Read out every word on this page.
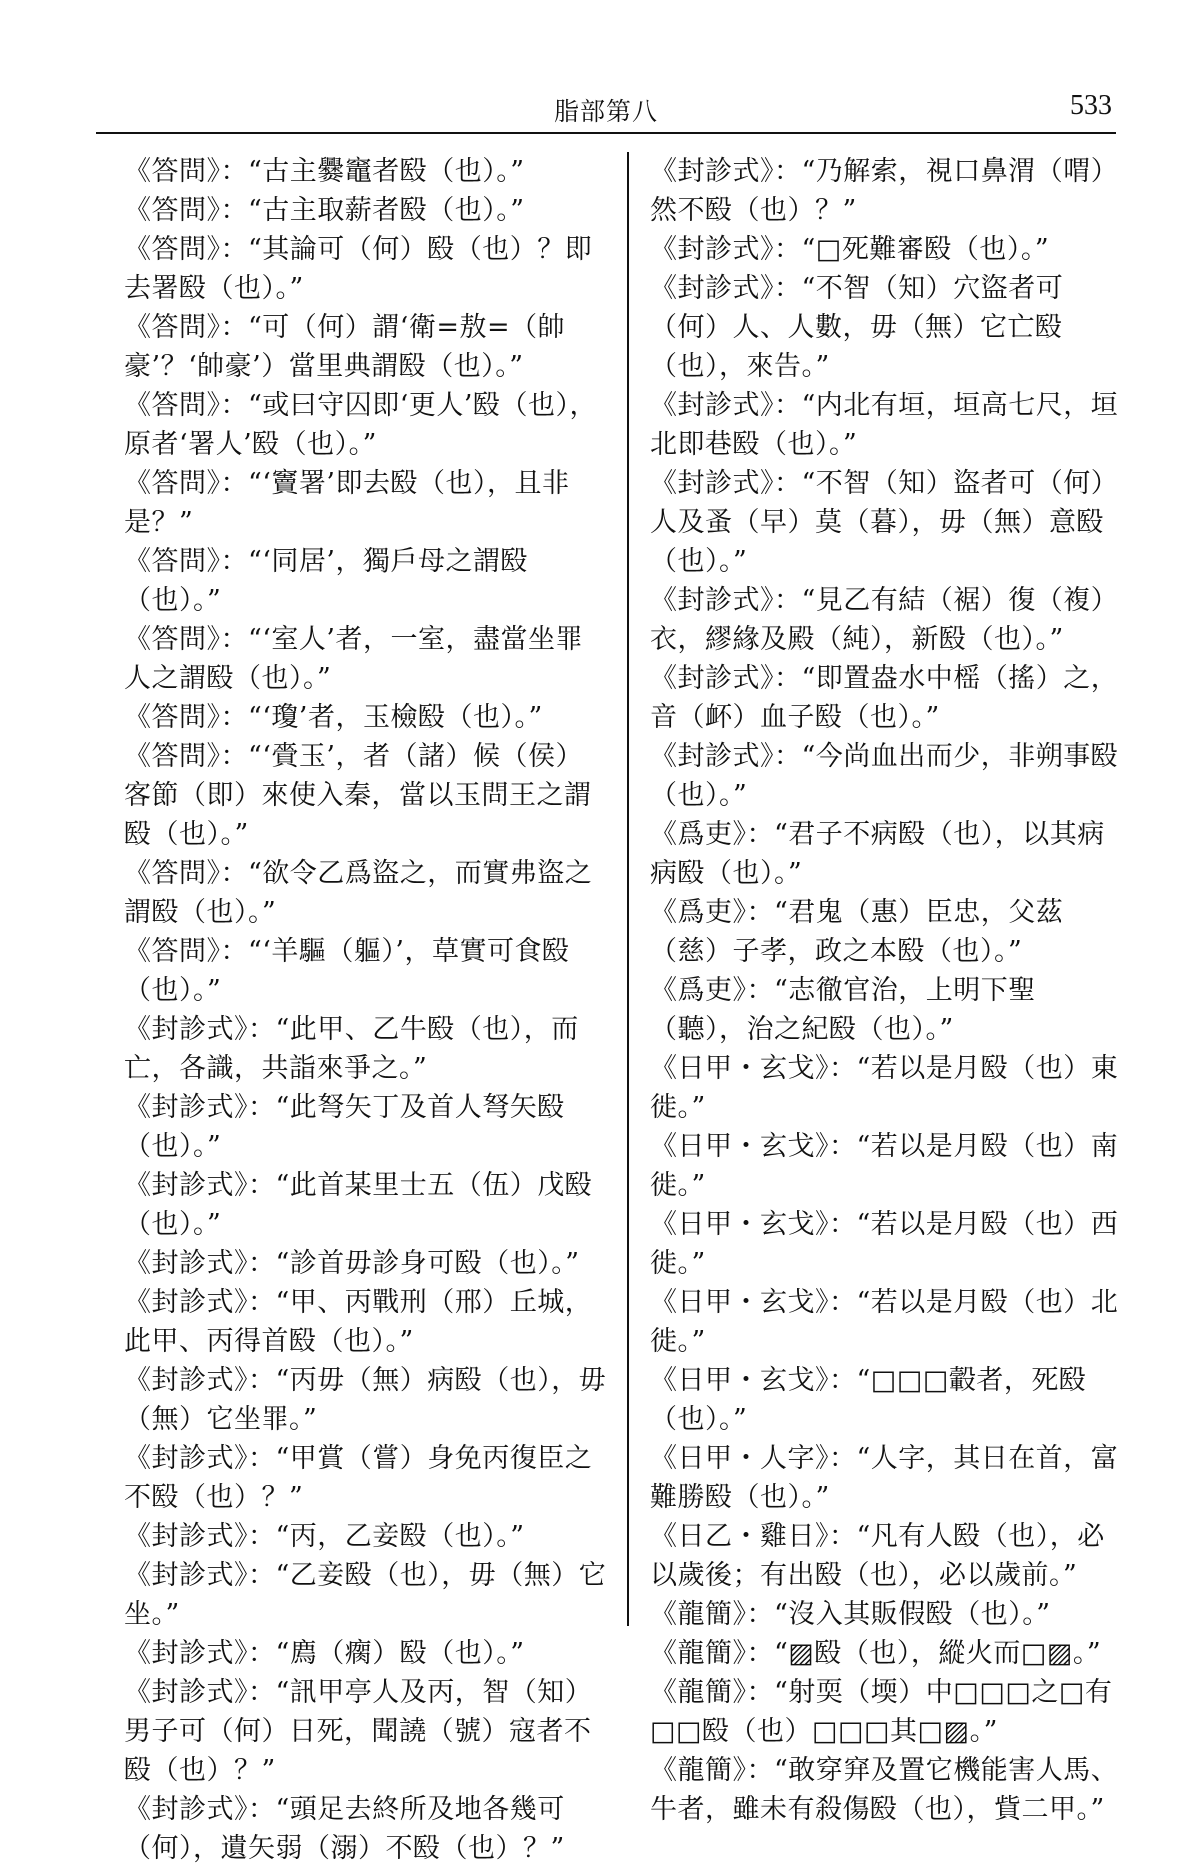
脂部第八	533

《答問》：“古主爨竈者殹（也）。”

《答問》：“古主取薪者殹（也）。”

《答問》：“其論可（何）殹（也）？即去署殹（也）。”

《答問》：“可（何）謂‘衛=敖=（帥豪’？‘帥豪’）當里典謂殹（也）。”

《答問》：“或曰守囚即‘更人’殹（也），原者‘署人’殹（也）。”

《答問》：“‘竇署’即去殹（也），且非是？”

《答問》：“‘同居’，獨戶母之謂殹（也）。”

《答問》：“‘室人’者，一室，盡當坐罪人之謂殹（也）。”

《答問》：“‘瓊’者，玉檢殹（也）。”

《答問》：“‘賫玉’，者（諸）候（侯）客節（即）來使入秦，當以玉問王之謂殹（也）。”

《答問》：“欲令乙爲盜之，而實弗盜之謂殹（也）。”

《答問》：“‘羊驅（軀）’，草實可食殹（也）。”

《封診式》：“此甲、乙牛殹（也），而亡，各識，共詣來爭之。”

《封診式》：“此弩矢丁及首人弩矢殹（也）。”

《封診式》：“此首某里士五（伍）戊殹（也）。”

《封診式》：“診首毋診身可殹（也）。”

《封診式》：“甲、丙戰刑（邢）丘城，此甲、丙得首殹（也）。”

《封診式》：“丙毋（無）病殹（也），毋（無）它坐罪。”

《封診式》：“甲賞（嘗）身免丙復臣之不殹（也）？”

《封診式》：“丙，乙妾殹（也）。”

《封診式》：“乙妾殹（也），毋（無）它坐。”

《封診式》：“廌（瘸）殹（也）。”

《封診式》：“訊甲亭人及丙，智（知）男子可（何）日死，聞譊（號）寇者不殹（也）？”

《封診式》：“頭足去終所及地各幾可（何），遺矢弱（溺）不殹（也）？”

《封診式》：“乃解索，視口鼻渭（喟）然不殹（也）？”

《封診式》：“□死難審殹（也）。”

《封診式》：“不智（知）穴盜者可（何）人、人數，毋（無）它亡殹（也），來告。”

《封診式》：“内北有垣，垣高七尺，垣北即巷殹（也）。”

《封診式》：“不智（知）盜者可（何）人及蚤（早）莫（暮），毋（無）意殹（也）。”

《封診式》：“見乙有結（裾）復（複）衣，繆緣及殿（純），新殹（也）。”

《封診式》：“即置盎水中榣（搖）之，音（衃）血子殹（也）。”

《封診式》：“今尚血出而少，非朔事殹（也）。”

《爲吏》：“君子不病殹（也），以其病病殹（也）。”

《爲吏》：“君鬼（惠）臣忠，父茲（慈）子孝，政之本殹（也）。”

《爲吏》：“志徹官治，上明下聖（聽），治之紀殹（也）。”

《日甲・玄戈》：“若以是月殹（也）東徙。”

《日甲・玄戈》：“若以是月殹（也）南徙。”

《日甲・玄戈》：“若以是月殹（也）西徙。”

《日甲・玄戈》：“若以是月殹（也）北徙。”

《日甲・玄戈》：“□□□轂者，死殹（也）。”

《日甲・人字》：“人字，其日在首，富難勝殹（也）。”

《日乙・雞日》：“凡有人殹（也），必以歲後；有出殹（也），必以歲前。”

《龍簡》：“沒入其販假殹（也）。”

《龍簡》：“▨殹（也），縱火而□▨。”

《龍簡》：“射耎（堧）中□□□之□有□□殹（也）□□□其□▨。”

《龍簡》：“敢穿穽及置它機能害人馬、牛者，雖未有殺傷殹（也），貲二甲。”
